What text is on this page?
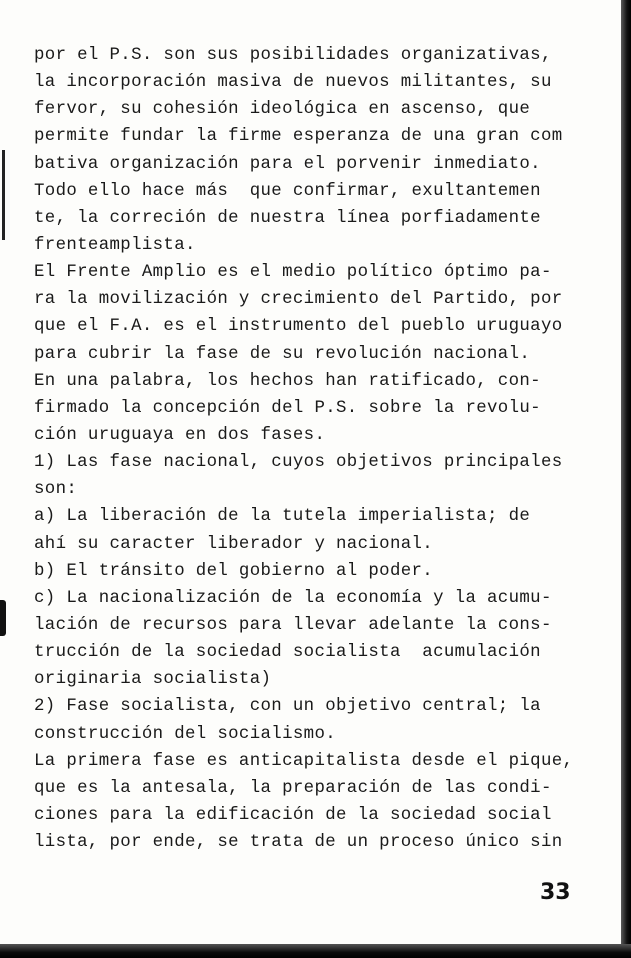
por el P.S. son sus posibilidades organizativas,
la incorporación masiva de nuevos militantes, su
fervor, su cohesión ideológica en ascenso, que
permite fundar la firme esperanza de una gran com
bativa organización para el porvenir inmediato.
Todo ello hace más  que confirmar, exultantemen
te, la correción de nuestra línea porfiadamente
frenteamplista.
El Frente Amplio es el medio político óptimo pa-
ra la movilización y crecimiento del Partido, por
que el F.A. es el instrumento del pueblo uruguayo
para cubrir la fase de su revolución nacional.
En una palabra, los hechos han ratificado, con-
firmado la concepción del P.S. sobre la revolu-
ción uruguaya en dos fases.
1) Las fase nacional, cuyos objetivos principales
son:
a) La liberación de la tutela imperialista; de
ahí su caracter liberador y nacional.
b) El tránsito del gobierno al poder.
c) La nacionalización de la economía y la acumu-
lación de recursos para llevar adelante la cons-
trucción de la sociedad socialista  acumulación
originaria socialista)
2) Fase socialista, con un objetivo central; la
construcción del socialismo.
La primera fase es anticapitalista desde el pique,
que es la antesala, la preparación de las condi-
ciones para la edificación de la sociedad social
lista, por ende, se trata de un proceso único sin
33
